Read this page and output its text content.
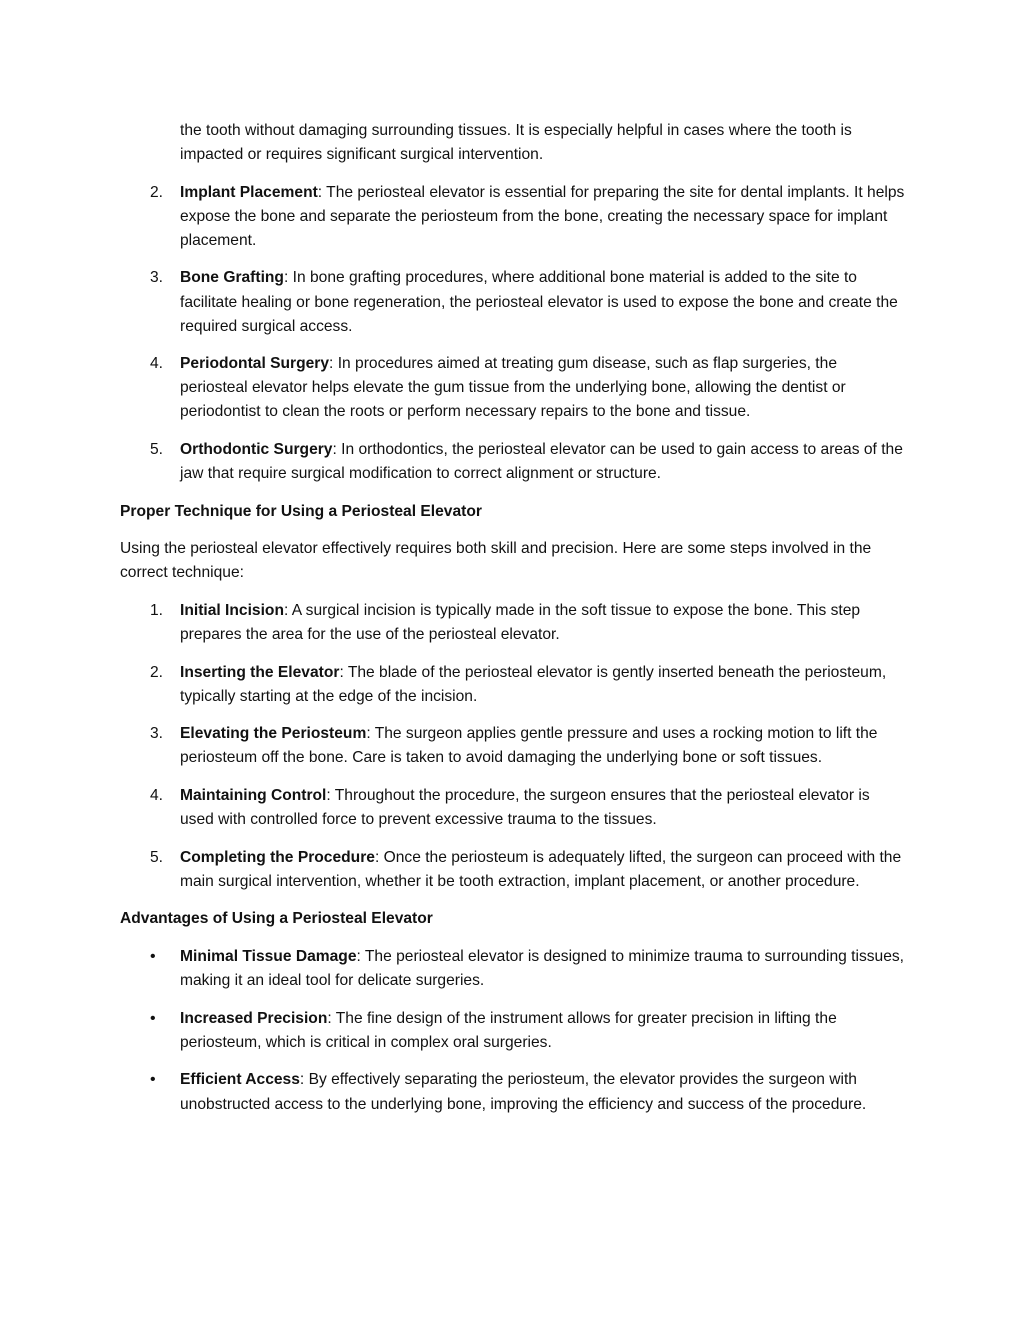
the tooth without damaging surrounding tissues. It is especially helpful in cases where the tooth is impacted or requires significant surgical intervention.

2. Implant Placement: The periosteal elevator is essential for preparing the site for dental implants. It helps expose the bone and separate the periosteum from the bone, creating the necessary space for implant placement.
3. Bone Grafting: In bone grafting procedures, where additional bone material is added to the site to facilitate healing or bone regeneration, the periosteal elevator is used to expose the bone and create the required surgical access.
4. Periodontal Surgery: In procedures aimed at treating gum disease, such as flap surgeries, the periosteal elevator helps elevate the gum tissue from the underlying bone, allowing the dentist or periodontist to clean the roots or perform necessary repairs to the bone and tissue.
5. Orthodontic Surgery: In orthodontics, the periosteal elevator can be used to gain access to areas of the jaw that require surgical modification to correct alignment or structure.

Proper Technique for Using a Periosteal Elevator

Using the periosteal elevator effectively requires both skill and precision. Here are some steps involved in the correct technique:

1. Initial Incision: A surgical incision is typically made in the soft tissue to expose the bone. This step prepares the area for the use of the periosteal elevator.
2. Inserting the Elevator: The blade of the periosteal elevator is gently inserted beneath the periosteum, typically starting at the edge of the incision.
3. Elevating the Periosteum: The surgeon applies gentle pressure and uses a rocking motion to lift the periosteum off the bone. Care is taken to avoid damaging the underlying bone or soft tissues.
4. Maintaining Control: Throughout the procedure, the surgeon ensures that the periosteal elevator is used with controlled force to prevent excessive trauma to the tissues.
5. Completing the Procedure: Once the periosteum is adequately lifted, the surgeon can proceed with the main surgical intervention, whether it be tooth extraction, implant placement, or another procedure.

Advantages of Using a Periosteal Elevator

• Minimal Tissue Damage: The periosteal elevator is designed to minimize trauma to surrounding tissues, making it an ideal tool for delicate surgeries.
• Increased Precision: The fine design of the instrument allows for greater precision in lifting the periosteum, which is critical in complex oral surgeries.
• Efficient Access: By effectively separating the periosteum, the elevator provides the surgeon with unobstructed access to the underlying bone, improving the efficiency and success of the procedure.
